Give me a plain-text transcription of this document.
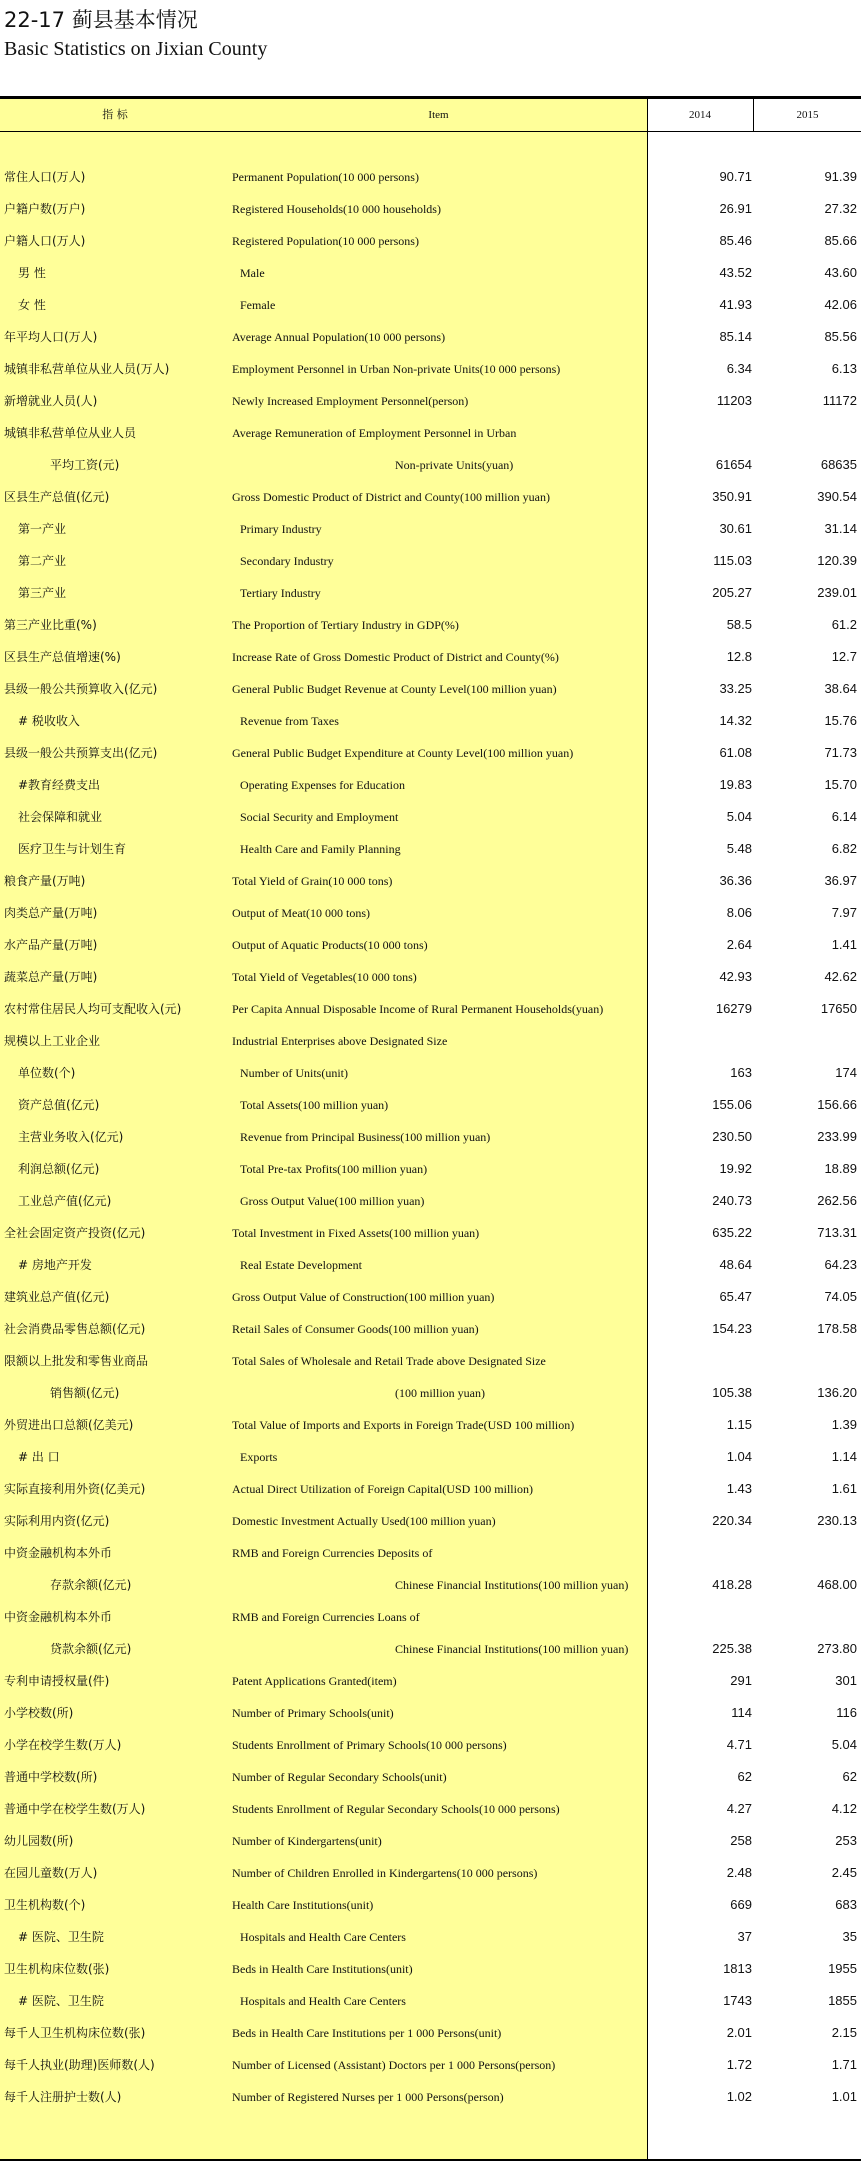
22-17 蓟县基本情况
Basic Statistics on Jixian County
指 标	Item	2014	2015
常住人口(万人)	Permanent Population(10 000 persons)	90.71	91.39
户籍户数(万户)	Registered Households(10 000 households)	26.91	27.32
户籍人口(万人)	Registered Population(10 000 persons)	85.46	85.66
男 性	Male	43.52	43.60
女 性	Female	41.93	42.06
年平均人口(万人)	Average Annual Population(10 000 persons)	85.14	85.56
城镇非私营单位从业人员(万人)	Employment Personnel in Urban Non-private Units(10 000 persons)	6.34	6.13
新增就业人员(人)	Newly Increased Employment Personnel(person)	11203	11172
城镇非私营单位从业人员	Average Remuneration of Employment Personnel in Urban
平均工资(元)	Non-private Units(yuan)	61654	68635
区县生产总值(亿元)	Gross Domestic Product of District and County(100 million yuan)	350.91	390.54
第一产业	Primary Industry	30.61	31.14
第二产业	Secondary Industry	115.03	120.39
第三产业	Tertiary Industry	205.27	239.01
第三产业比重(%)	The Proportion of Tertiary Industry in GDP(%)	58.5	61.2
区县生产总值增速(%)	Increase Rate of Gross Domestic Product of District and County(%)	12.8	12.7
县级一般公共预算收入(亿元)	General Public Budget Revenue at County Level(100 million yuan)	33.25	38.64
# 税收收入	Revenue from Taxes	14.32	15.76
县级一般公共预算支出(亿元)	General Public Budget Expenditure at County Level(100 million yuan)	61.08	71.73
#教育经费支出	Operating Expenses for Education	19.83	15.70
社会保障和就业	Social Security and Employment	5.04	6.14
医疗卫生与计划生育	Health Care and Family Planning	5.48	6.82
粮食产量(万吨)	Total Yield of Grain(10 000 tons)	36.36	36.97
肉类总产量(万吨)	Output of Meat(10 000 tons)	8.06	7.97
水产品产量(万吨)	Output of Aquatic Products(10 000 tons)	2.64	1.41
蔬菜总产量(万吨)	Total Yield of Vegetables(10 000 tons)	42.93	42.62
农村常住居民人均可支配收入(元)	Per Capita Annual Disposable Income of Rural Permanent Households(yuan)	16279	17650
规模以上工业企业	Industrial Enterprises above Designated Size
单位数(个)	Number of Units(unit)	163	174
资产总值(亿元)	Total Assets(100 million yuan)	155.06	156.66
主营业务收入(亿元)	Revenue from Principal Business(100 million yuan)	230.50	233.99
利润总额(亿元)	Total Pre-tax Profits(100 million yuan)	19.92	18.89
工业总产值(亿元)	Gross Output Value(100 million yuan)	240.73	262.56
全社会固定资产投资(亿元)	Total Investment in Fixed Assets(100 million yuan)	635.22	713.31
# 房地产开发	Real Estate Development	48.64	64.23
建筑业总产值(亿元)	Gross Output Value of Construction(100 million yuan)	65.47	74.05
社会消费品零售总额(亿元)	Retail Sales of Consumer Goods(100 million yuan)	154.23	178.58
限额以上批发和零售业商品	Total Sales of Wholesale and Retail Trade above Designated Size
销售额(亿元)	(100 million yuan)	105.38	136.20
外贸进出口总额(亿美元)	Total Value of Imports and Exports in Foreign Trade(USD 100 million)	1.15	1.39
# 出 口	Exports	1.04	1.14
实际直接利用外资(亿美元)	Actual Direct Utilization of Foreign Capital(USD 100 million)	1.43	1.61
实际利用内资(亿元)	Domestic Investment Actually Used(100 million yuan)	220.34	230.13
中资金融机构本外币	RMB and Foreign Currencies Deposits of
存款余额(亿元)	Chinese Financial Institutions(100 million yuan)	418.28	468.00
中资金融机构本外币	RMB and Foreign Currencies Loans of
贷款余额(亿元)	Chinese Financial Institutions(100 million yuan)	225.38	273.80
专利申请授权量(件)	Patent Applications Granted(item)	291	301
小学校数(所)	Number of Primary Schools(unit)	114	116
小学在校学生数(万人)	Students Enrollment of Primary Schools(10 000 persons)	4.71	5.04
普通中学校数(所)	Number of Regular Secondary Schools(unit)	62	62
普通中学在校学生数(万人)	Students Enrollment of Regular Secondary Schools(10 000 persons)	4.27	4.12
幼儿园数(所)	Number of Kindergartens(unit)	258	253
在园儿童数(万人)	Number of Children Enrolled in Kindergartens(10 000 persons)	2.48	2.45
卫生机构数(个)	Health Care Institutions(unit)	669	683
# 医院、卫生院	Hospitals and Health Care Centers	37	35
卫生机构床位数(张)	Beds in Health Care Institutions(unit)	1813	1955
# 医院、卫生院	Hospitals and Health Care Centers	1743	1855
每千人卫生机构床位数(张)	Beds in Health Care Institutions per 1 000 Persons(unit)	2.01	2.15
每千人执业(助理)医师数(人)	Number of Licensed (Assistant) Doctors per 1 000 Persons(person)	1.72	1.71
每千人注册护士数(人)	Number of Registered Nurses per 1 000 Persons(person)	1.02	1.01
